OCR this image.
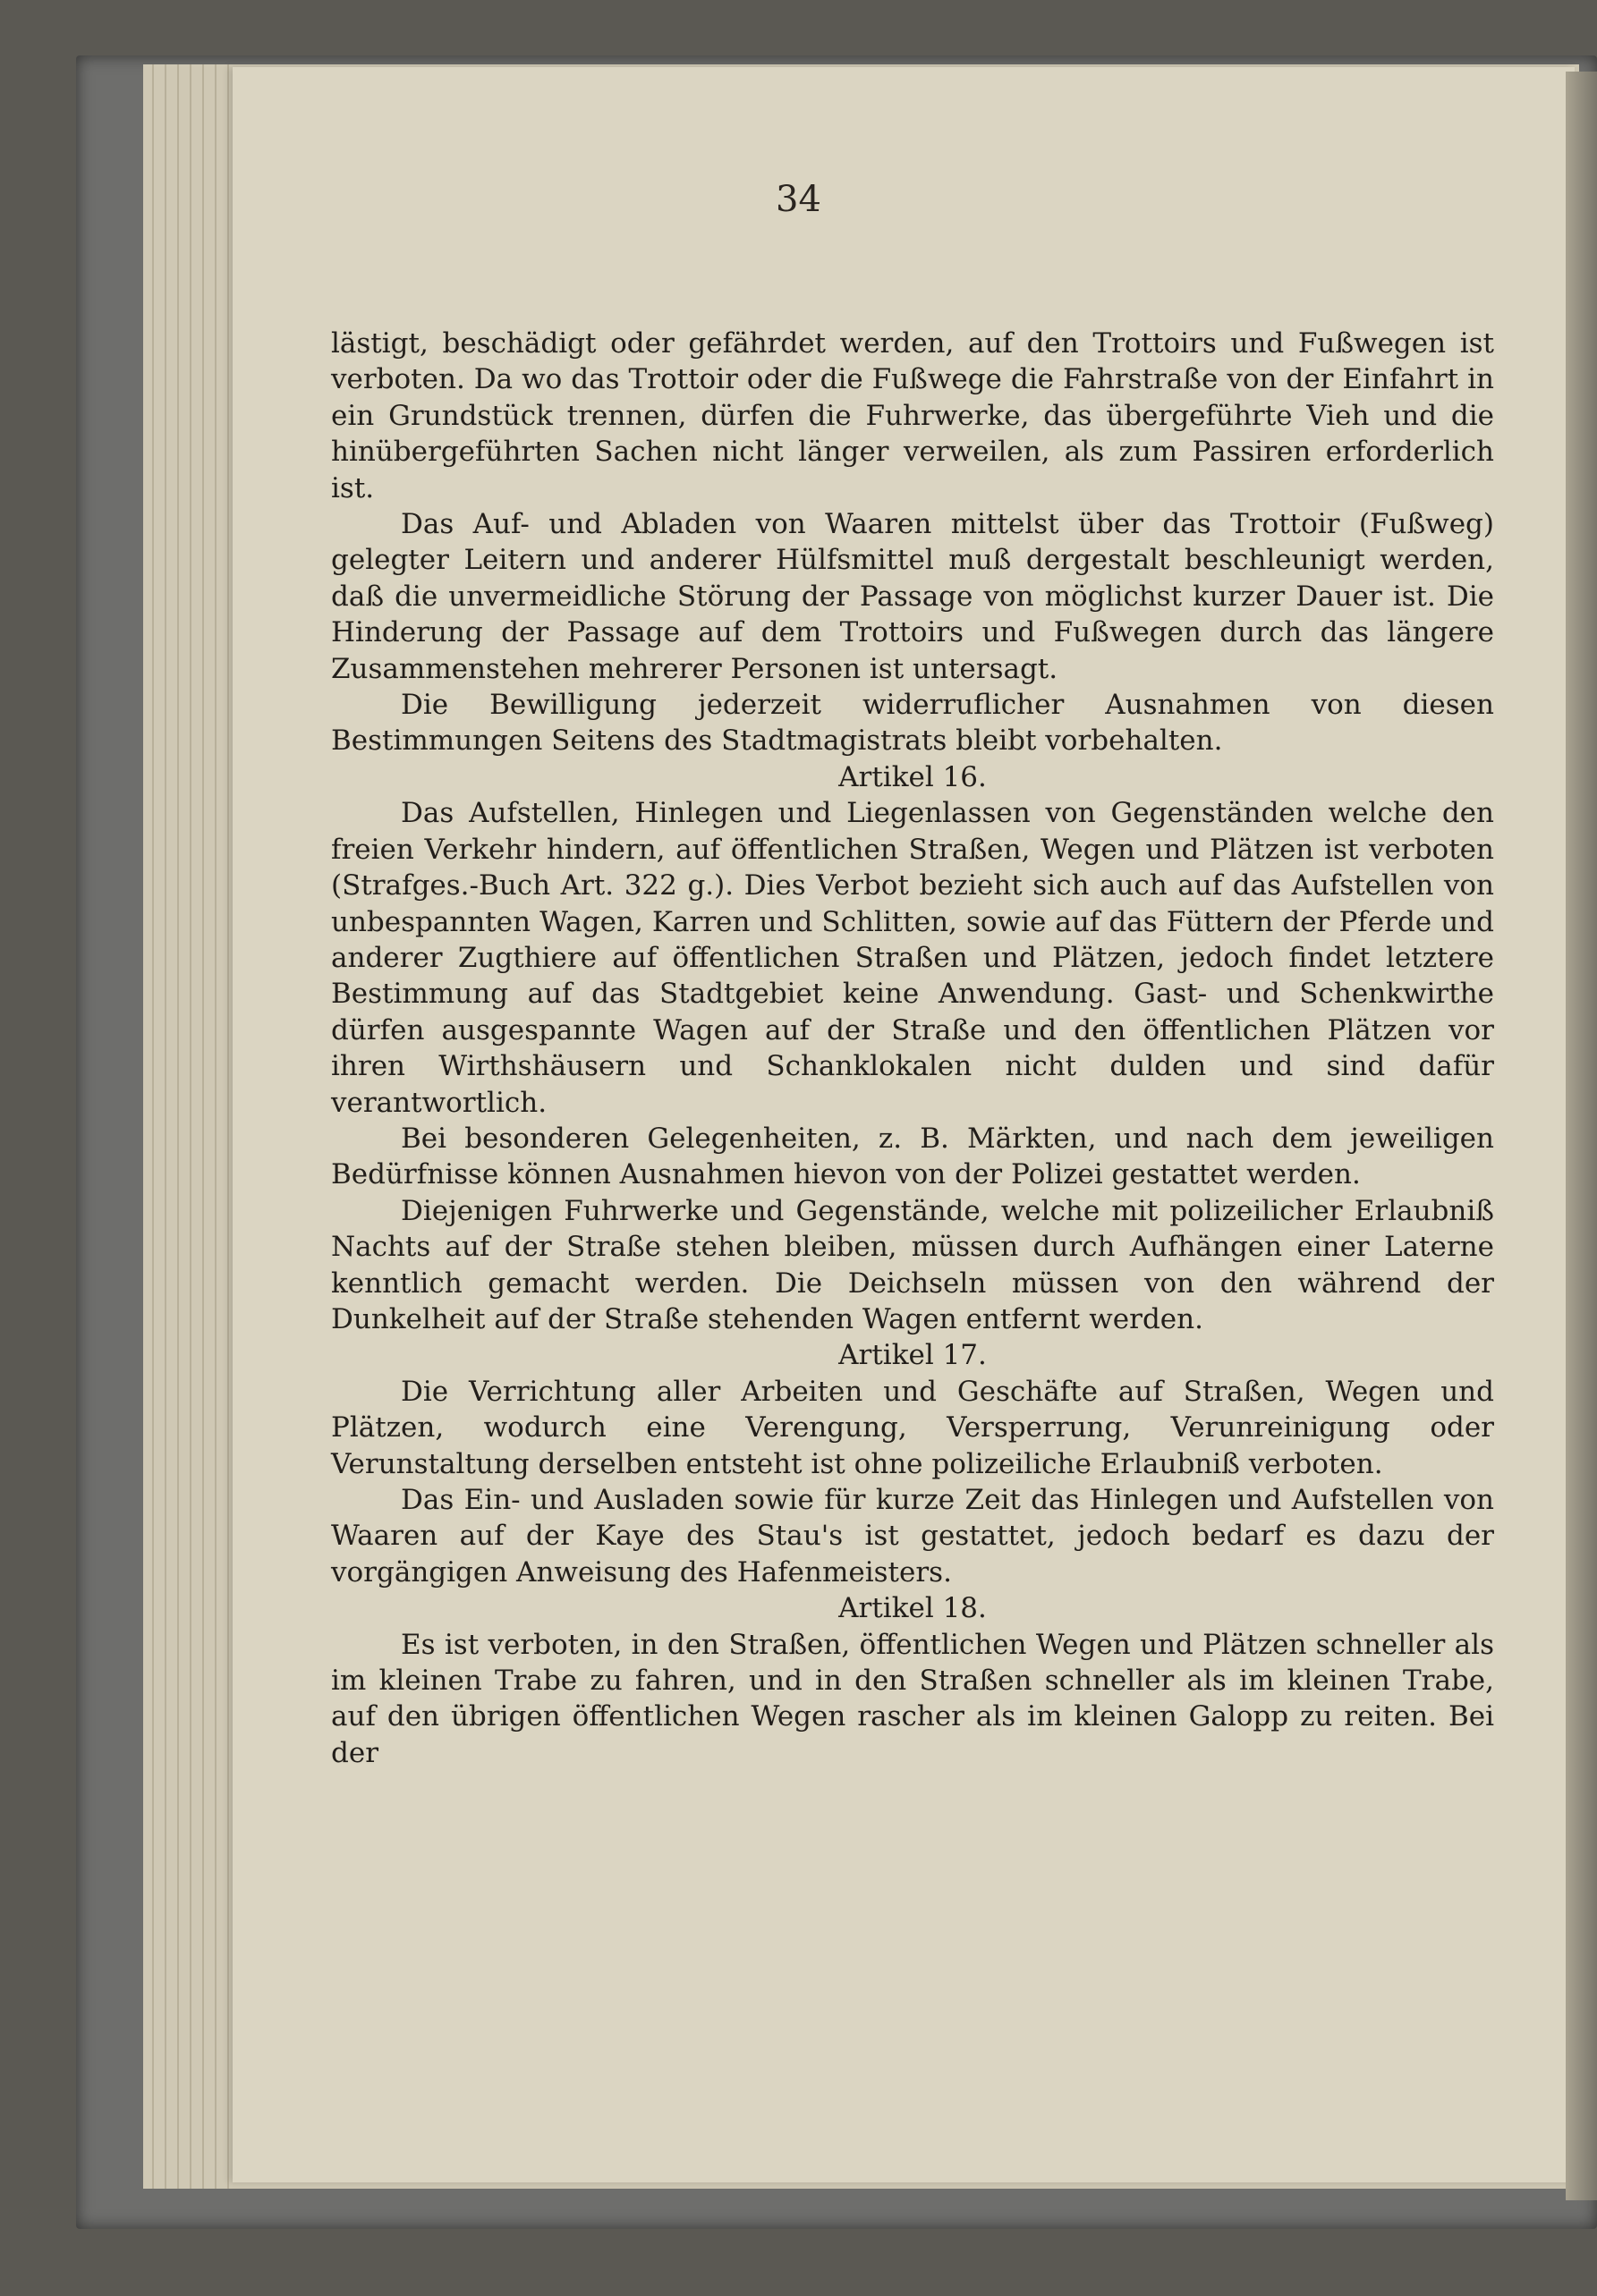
34

lästigt, beschädigt oder gefährdet werden, auf den Trottoirs und Fußwegen ist verboten. Da wo das Trottoir oder die Fußwege die Fahrstraße von der Einfahrt in ein Grundstück trennen, dürfen die Fuhrwerke, das übergeführte Vieh und die hinübergeführten Sachen nicht länger verweilen, als zum Passiren erforderlich ist.

Das Auf- und Abladen von Waaren mittelst über das Trottoir (Fußweg) gelegter Leitern und anderer Hülfsmittel muß dergestalt beschleunigt werden, daß die unvermeidliche Störung der Passage von möglichst kurzer Dauer ist. Die Hinderung der Passage auf dem Trottoirs und Fußwegen durch das längere Zusammenstehen mehrerer Personen ist untersagt.

Die Bewilligung jederzeit widerruflicher Ausnahmen von diesen Bestimmungen Seitens des Stadtmagistrats bleibt vorbehalten.

Artikel 16.

Das Aufstellen, Hinlegen und Liegenlassen von Gegenständen welche den freien Verkehr hindern, auf öffentlichen Straßen, Wegen und Plätzen ist verboten (Strafges.-Buch Art. 322 g.). Dies Verbot bezieht sich auch auf das Aufstellen von unbespannten Wagen, Karren und Schlitten, sowie auf das Füttern der Pferde und anderer Zugthiere auf öffentlichen Straßen und Plätzen, jedoch findet letztere Bestimmung auf das Stadtgebiet keine Anwendung. Gast- und Schenkwirthe dürfen ausgespannte Wagen auf der Straße und den öffentlichen Plätzen vor ihren Wirthshäusern und Schanklokalen nicht dulden und sind dafür verantwortlich.

Bei besonderen Gelegenheiten, z. B. Märkten, und nach dem jeweiligen Bedürfnisse können Ausnahmen hievon von der Polizei gestattet werden.

Diejenigen Fuhrwerke und Gegenstände, welche mit polizeilicher Erlaubniß Nachts auf der Straße stehen bleiben, müssen durch Aufhängen einer Laterne kenntlich gemacht werden. Die Deichseln müssen von den während der Dunkelheit auf der Straße stehenden Wagen entfernt werden.

Artikel 17.

Die Verrichtung aller Arbeiten und Geschäfte auf Straßen, Wegen und Plätzen, wodurch eine Verengung, Versperrung, Verunreinigung oder Verunstaltung derselben entsteht ist ohne polizeiliche Erlaubniß verboten.

Das Ein- und Ausladen sowie für kurze Zeit das Hinlegen und Aufstellen von Waaren auf der Kaye des Stau's ist gestattet, jedoch bedarf es dazu der vorgängigen Anweisung des Hafenmeisters.

Artikel 18.

Es ist verboten, in den Straßen, öffentlichen Wegen und Plätzen schneller als im kleinen Trabe zu fahren, und in den Straßen schneller als im kleinen Trabe, auf den übrigen öffentlichen Wegen rascher als im kleinen Galopp zu reiten. Bei der
